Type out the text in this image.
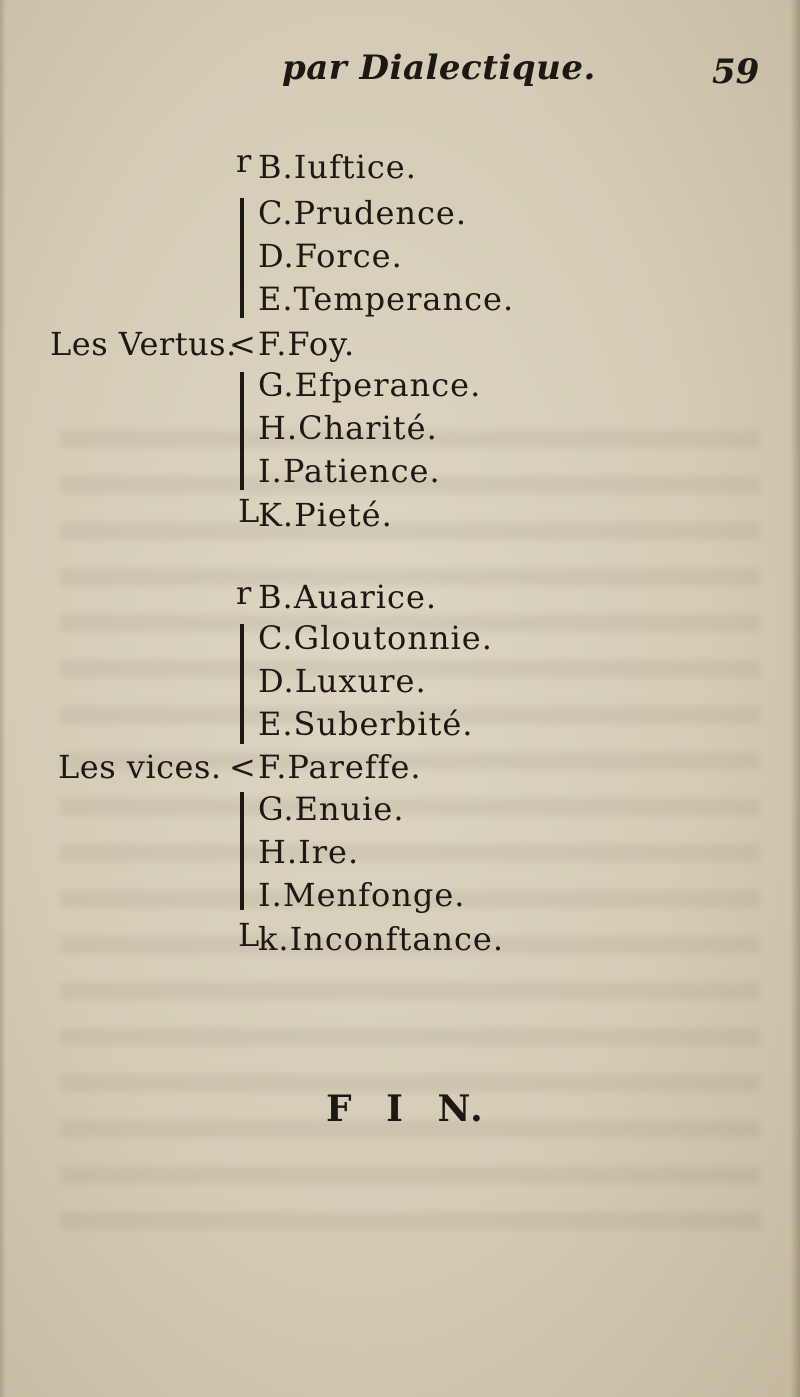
par Dialectique.	59
Les Vertus.
<
r
L
B.Iuftice.
C.Prudence.
D.Force.
E.Temperance.
F.Foy.
G.Efperance.
H.Charité.
I.Patience.
K.Pieté.
Les vices. <
r
L
B.Auarice.
C.Gloutonnie.
D.Luxure.
E.Suberbité.
F.Pareffe.
G.Enuie.
H.Ire.
I.Menfonge.
k.Inconftance.
F I N.
